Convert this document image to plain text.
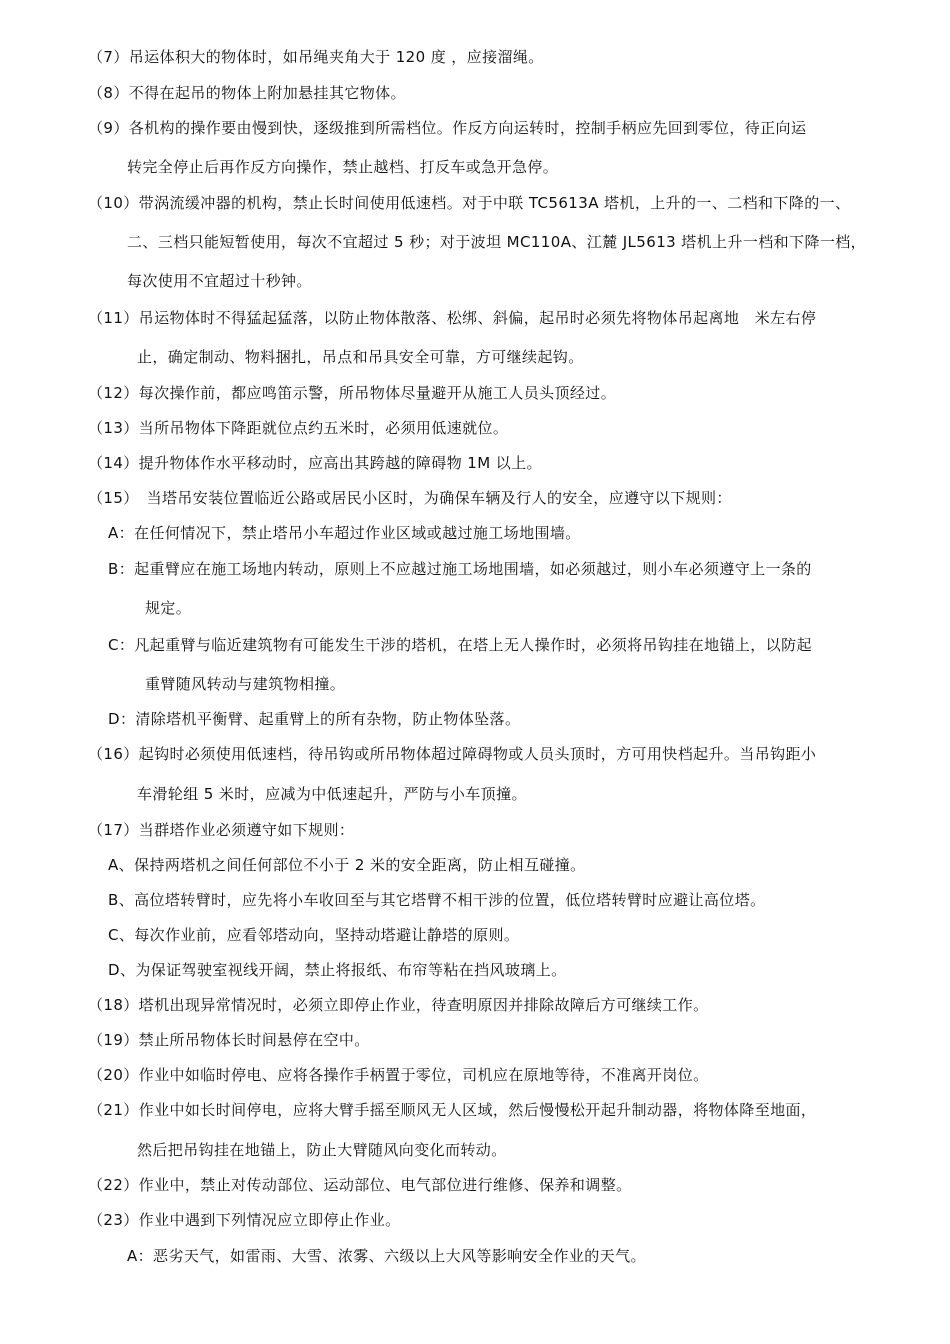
（7）吊运体积大的物体时，如吊绳夹角大于 120 度 ，应接溜绳。
（8）不得在起吊的物体上附加悬挂其它物体。
（9）各机构的操作要由慢到快，逐级推到所需档位。作反方向运转时，控制手柄应先回到零位，待正向运
转完全停止后再作反方向操作，禁止越档、打反车或急开急停。
（10）带涡流缓冲器的机构，禁止长时间使用低速档。对于中联 TC5613A 塔机，上升的一、二档和下降的一、
二、三档只能短暂使用，每次不宜超过 5 秒；对于波坦 MC110A、江麓 JL5613 塔机上升一档和下降一档，
每次使用不宜超过十秒钟。
（11）吊运物体时不得猛起猛落，以防止物体散落、松绑、斜偏，起吊时必须先将物体吊起离地　米左右停
止，确定制动、物料捆扎，吊点和吊具安全可靠，方可继续起钩。
（12）每次操作前，都应鸣笛示警，所吊物体尽量避开从施工人员头顶经过。
（13）当所吊物体下降距就位点约五米时，必须用低速就位。
（14）提升物体作水平移动时，应高出其跨越的障碍物 1M 以上。
（15）　当塔吊安装位置临近公路或居民小区时，为确保车辆及行人的安全，应遵守以下规则：
A：在任何情况下，禁止塔吊小车超过作业区域或越过施工场地围墙。
B：起重臂应在施工场地内转动，原则上不应越过施工场地围墙，如必须越过，则小车必须遵守上一条的
规定。
C：凡起重臂与临近建筑物有可能发生干涉的塔机，在塔上无人操作时，必须将吊钩挂在地锚上，以防起
重臂随风转动与建筑物相撞。
D：清除塔机平衡臂、起重臂上的所有杂物，防止物体坠落。
（16）起钩时必须使用低速档，待吊钩或所吊物体超过障碍物或人员头顶时，方可用快档起升。当吊钩距小
车滑轮组 5 米时，应减为中低速起升，严防与小车顶撞。
（17）当群塔作业必须遵守如下规则：
A、保持两塔机之间任何部位不小于 2 米的安全距离，防止相互碰撞。
B、高位塔转臂时，应先将小车收回至与其它塔臂不相干涉的位置，低位塔转臂时应避让高位塔。
C、每次作业前，应看邻塔动向，坚持动塔避让静塔的原则。
D、为保证驾驶室视线开阔，禁止将报纸、布帘等粘在挡风玻璃上。
（18）塔机出现异常情况时，必须立即停止作业，待查明原因并排除故障后方可继续工作。
（19）禁止所吊物体长时间悬停在空中。
（20）作业中如临时停电、应将各操作手柄置于零位，司机应在原地等待，不准离开岗位。
（21）作业中如长时间停电，应将大臂手摇至顺风无人区域，然后慢慢松开起升制动器，将物体降至地面，
然后把吊钩挂在地锚上，防止大臂随风向变化而转动。
（22）作业中，禁止对传动部位、运动部位、电气部位进行维修、保养和调整。
（23）作业中遇到下列情况应立即停止作业。
A：恶劣天气，如雷雨、大雪、浓雾、六级以上大风等影响安全作业的天气。
